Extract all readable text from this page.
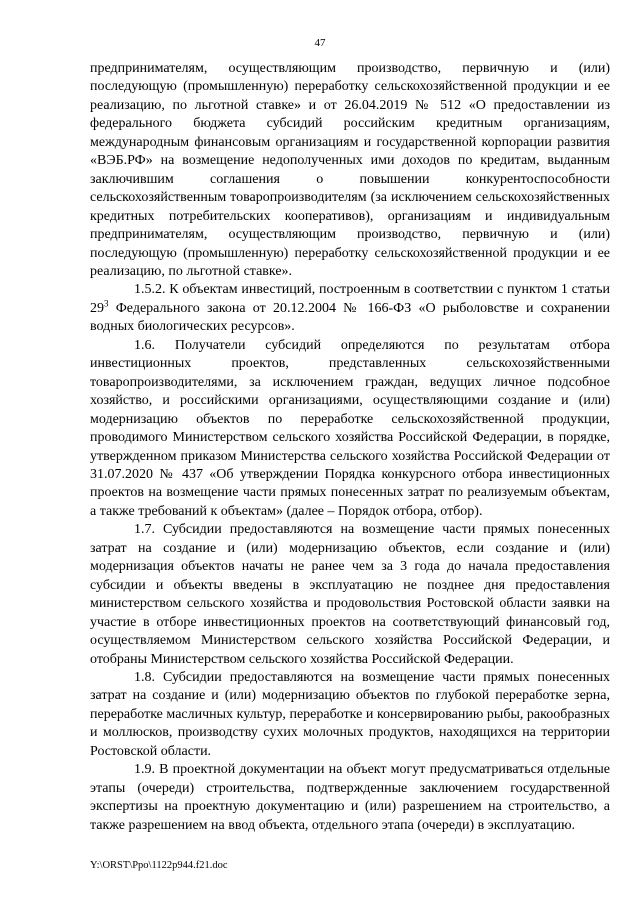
47

предпринимателям, осуществляющим производство, первичную и (или) последующую (промышленную) переработку сельскохозяйственной продукции и ее реализацию, по льготной ставке» и от 26.04.2019 № 512 «О предоставлении из федерального бюджета субсидий российским кредитным организациям, международным финансовым организациям и государственной корпорации развития «ВЭБ.РФ» на возмещение недополученных ими доходов по кредитам, выданным заключившим соглашения о повышении конкурентоспособности сельскохозяйственным товаропроизводителям (за исключением сельскохозяйственных кредитных потребительских кооперативов), организациям и индивидуальным предпринимателям, осуществляющим производство, первичную и (или) последующую (промышленную) переработку сельскохозяйственной продукции и ее реализацию, по льготной ставке».

1.5.2. К объектам инвестиций, построенным в соответствии с пунктом 1 статьи $29^3$ Федерального закона от 20.12.2004 № 166-ФЗ «О рыболовстве и сохранении водных биологических ресурсов».

1.6. Получатели субсидий определяются по результатам отбора инвестиционных проектов, представленных сельскохозяйственными товаропроизводителями, за исключением граждан, ведущих личное подсобное хозяйство, и российскими организациями, осуществляющими создание и (или) модернизацию объектов по переработке сельскохозяйственной продукции, проводимого Министерством сельского хозяйства Российской Федерации, в порядке, утвержденном приказом Министерства сельского хозяйства Российской Федерации от 31.07.2020 № 437 «Об утверждении Порядка конкурсного отбора инвестиционных проектов на возмещение части прямых понесенных затрат по реализуемым объектам, а также требований к объектам» (далее – Порядок отбора, отбор).

1.7. Субсидии предоставляются на возмещение части прямых понесенных затрат на создание и (или) модернизацию объектов, если создание и (или) модернизация объектов начаты не ранее чем за 3 года до начала предоставления субсидии и объекты введены в эксплуатацию не позднее дня предоставления министерством сельского хозяйства и продовольствия Ростовской области заявки на участие в отборе инвестиционных проектов на соответствующий финансовый год, осуществляемом Министерством сельского хозяйства Российской Федерации, и отобраны Министерством сельского хозяйства Российской Федерации.

1.8. Субсидии предоставляются на возмещение части прямых понесенных затрат на создание и (или) модернизацию объектов по глубокой переработке зерна, переработке масличных культур, переработке и консервированию рыбы, ракообразных и моллюсков, производству сухих молочных продуктов, находящихся на территории Ростовской области.

1.9. В проектной документации на объект могут предусматриваться отдельные этапы (очереди) строительства, подтвержденные заключением государственной экспертизы на проектную документацию и (или) разрешением на строительство, а также разрешением на ввод объекта, отдельного этапа (очереди) в эксплуатацию.

Y:\ORST\Ppo\1122p944.f21.doc
